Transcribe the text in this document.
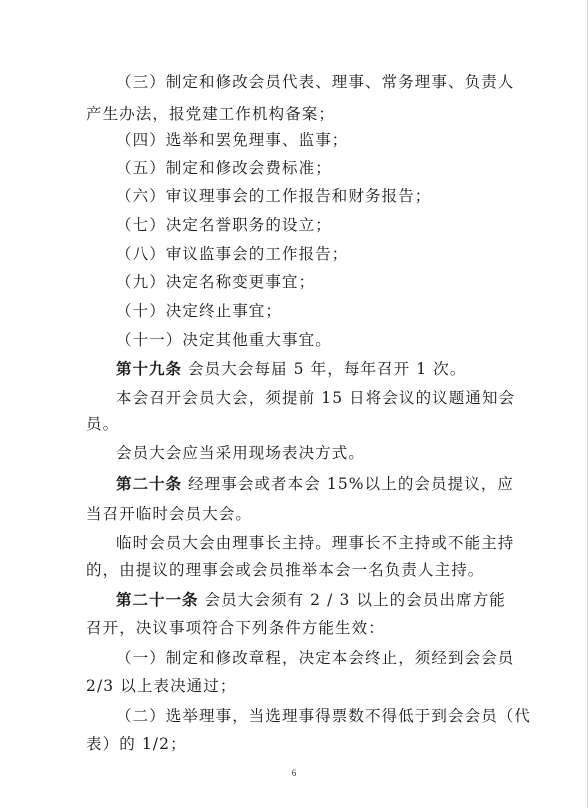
（三）制定和修改会员代表、理事、常务理事、负责人
产生办法，报党建工作机构备案；
（四）选举和罢免理事、监事；
（五）制定和修改会费标准；
（六）审议理事会的工作报告和财务报告；
（七）决定名誉职务的设立；
（八）审议监事会的工作报告；
（九）决定名称变更事宜；
（十）决定终止事宜；
（十一）决定其他重大事宜。
第十九条 会员大会每届 5 年，每年召开 1 次。
本会召开会员大会，须提前 15 日将会议的议题通知会
员。
会员大会应当采用现场表决方式。
第二十条 经理事会或者本会 15%以上的会员提议，应
当召开临时会员大会。
临时会员大会由理事长主持。理事长不主持或不能主持
的，由提议的理事会或会员推举本会一名负责人主持。
第二十一条 会员大会须有 2 / 3 以上的会员出席方能
召开，决议事项符合下列条件方能生效：
（一）制定和修改章程，决定本会终止，须经到会会员
2/3 以上表决通过；
（二）选举理事，当选理事得票数不得低于到会会员（代
表）的 1/2；
6
